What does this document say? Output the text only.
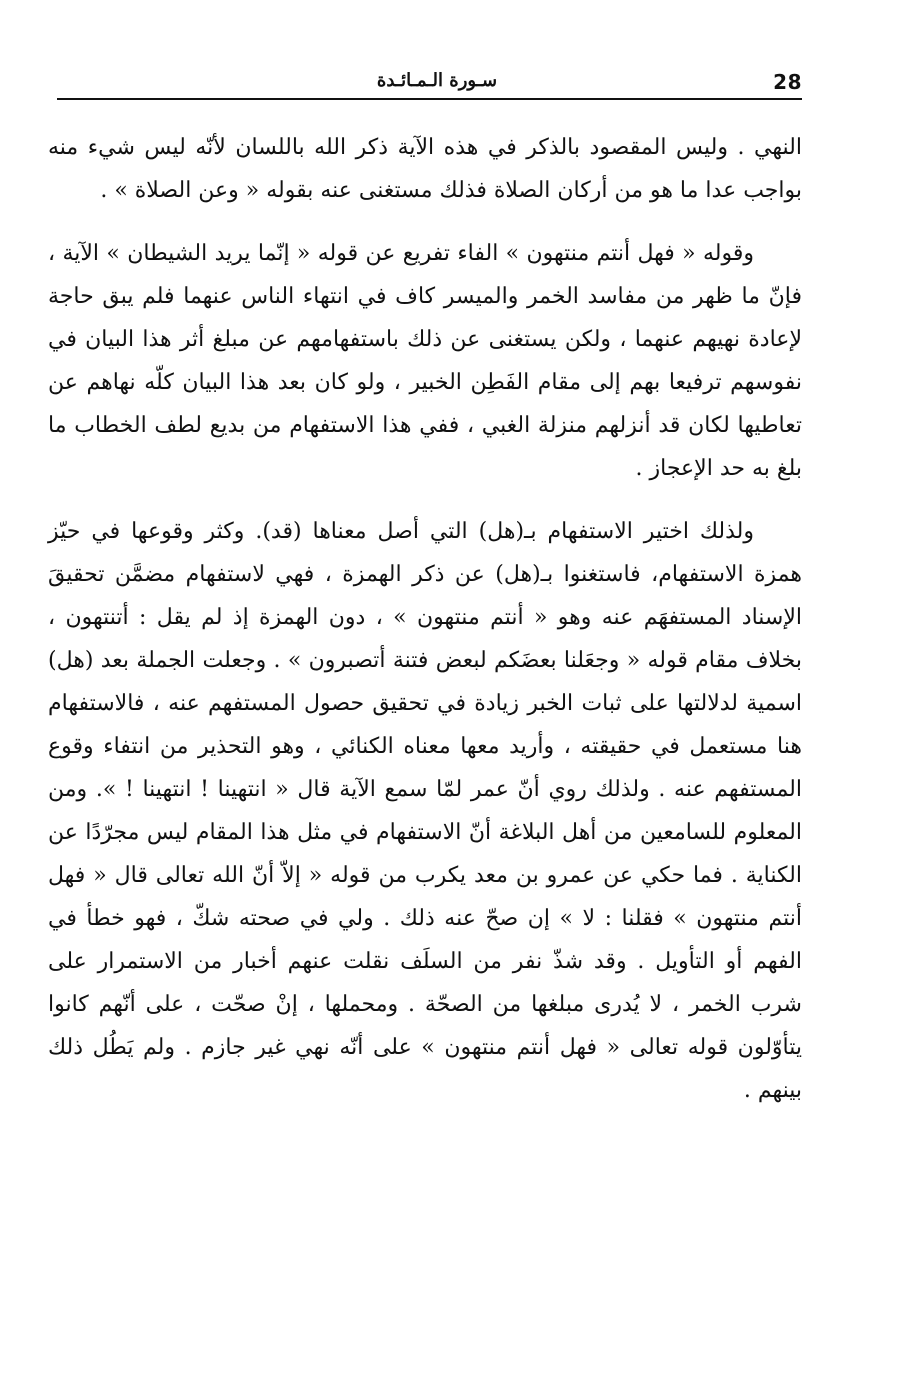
28
سـورة الـمـائـدة

النهي . وليس المقصود بالذكر في هذه الآية ذكر الله باللسان لأنّه ليس شيء منه بواجب عدا ما هو من أركان الصلاة فذلك مستغنى عنه بقوله « وعن الصلاة » .

وقوله « فهل أنتم منتهون » الفاء تفريع عن قوله « إنّما يريد الشيطان » الآية ، فإنّ ما ظهر من مفاسد الخمر والميسر كاف في انتهاء الناس عنهما فلم يبق حاجة لإعادة نهيهم عنهما ، ولكن يستغنى عن ذلك باستفهامهم عن مبلغ أثر هذا البيان في نفوسهم ترفيعا بهم إلى مقام الفَطِن الخبير ، ولو كان بعد هذا البيان كلّه نهاهم عن تعاطيها لكان قد أنزلهم منزلة الغبي ، ففي هذا الاستفهام من بديع لطف الخطاب ما بلغ به حد الإعجاز .

ولذلك اختير الاستفهام بـ(هل) التي أصل معناها (قد). وكثر وقوعها في حيّز همزة الاستفهام، فاستغنوا بـ(هل) عن ذكر الهمزة ، فهي لاستفهام مضمَّن تحقيقَ الإسناد المستفهَم عنه وهو « أنتم منتهون » ، دون الهمزة إذ لم يقل : أتنتهون ، بخلاف مقام قوله « وجعَلنا بعضَكم لبعض فتنة أتصبرون » . وجعلت الجملة بعد (هل) اسمية لدلالتها على ثبات الخبر زيادة في تحقيق حصول المستفهم عنه ، فالاستفهام هنا مستعمل في حقيقته ، وأريد معها معناه الكنائي ، وهو التحذير من انتفاء وقوع المستفهم عنه . ولذلك روي أنّ عمر لمّا سمع الآية قال « انتهينا ! انتهينا ! ». ومن المعلوم للسامعين من أهل البلاغة أنّ الاستفهام في مثل هذا المقام ليس مجرّدًا عن الكناية . فما حكي عن عمرو بن معد يكرب من قوله « إلاّ أنّ الله تعالى قال « فهل أنتم منتهون » فقلنا : لا » إن صحّ عنه ذلك . ولي في صحته شكّ ، فهو خطأ في الفهم أو التأويل . وقد شذّ نفر من السلَف نقلت عنهم أخبار من الاستمرار على شرب الخمر ، لا يُدرى مبلغها من الصحّة . ومحملها ، إنْ صحّت ، على أنّهم كانوا يتأوّلون قوله تعالى « فهل أنتم منتهون » على أنّه نهي غير جازم . ولم يَطُل ذلك بينهم .
